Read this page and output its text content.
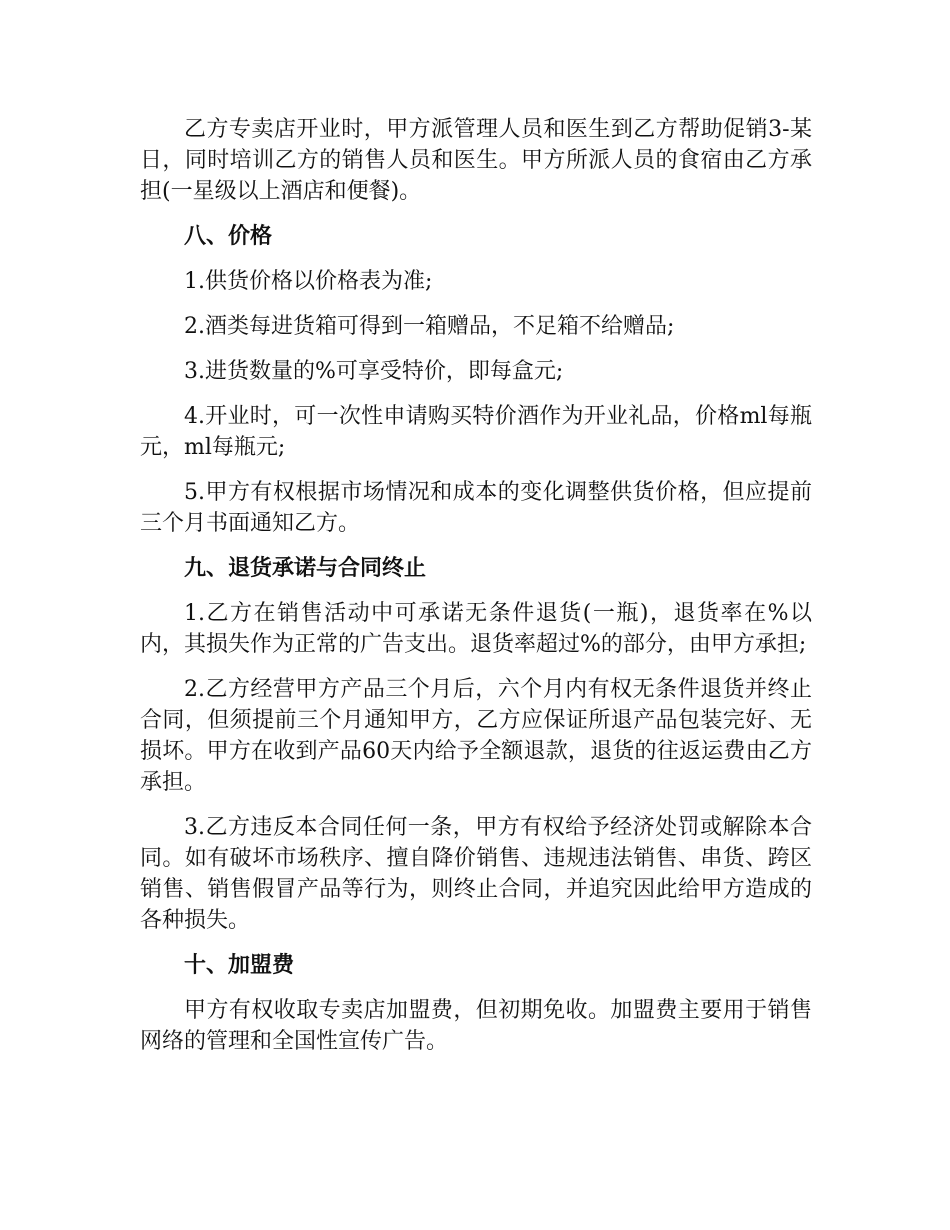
乙方专卖店开业时，甲方派管理人员和医生到乙方帮助促销3-某日，同时培训乙方的销售人员和医生。甲方所派人员的食宿由乙方承担(一星级以上酒店和便餐)。

八、价格

1.供货价格以价格表为准;

2.酒类每进货箱可得到一箱赠品，不足箱不给赠品;

3.进货数量的%可享受特价，即每盒元;

4.开业时，可一次性申请购买特价酒作为开业礼品，价格ml每瓶元，ml每瓶元;

5.甲方有权根据市场情况和成本的变化调整供货价格，但应提前三个月书面通知乙方。

九、退货承诺与合同终止

1.乙方在销售活动中可承诺无条件退货(一瓶)，退货率在%以内，其损失作为正常的广告支出。退货率超过%的部分，由甲方承担;

2.乙方经营甲方产品三个月后，六个月内有权无条件退货并终止合同，但须提前三个月通知甲方，乙方应保证所退产品包装完好、无损坏。甲方在收到产品60天内给予全额退款，退货的往返运费由乙方承担。

3.乙方违反本合同任何一条，甲方有权给予经济处罚或解除本合同。如有破坏市场秩序、擅自降价销售、违规违法销售、串货、跨区销售、销售假冒产品等行为，则终止合同，并追究因此给甲方造成的各种损失。

十、加盟费

甲方有权收取专卖店加盟费，但初期免收。加盟费主要用于销售网络的管理和全国性宣传广告。
